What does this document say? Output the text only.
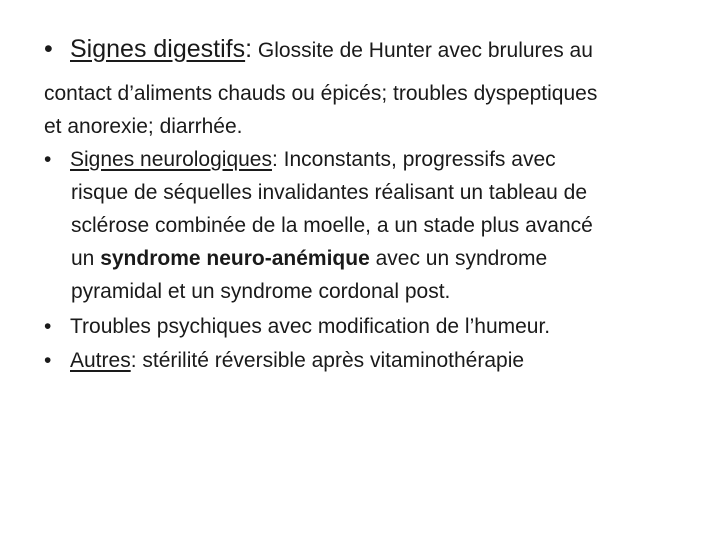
• Signes digestifs: Glossite de Hunter avec brulures au
contact d’aliments chauds ou épicés; troubles dyspeptiques
et anorexie; diarrhée.
• Signes neurologiques: Inconstants, progressifs avec
risque de séquelles invalidantes réalisant un tableau de
sclérose combinée de la moelle, a un stade plus avancé
un syndrome neuro-anémique avec un syndrome
pyramidal et un syndrome cordonal post.
• Troubles psychiques avec modification de l’humeur.
• Autres: stérilité réversible après vitaminothérapie
